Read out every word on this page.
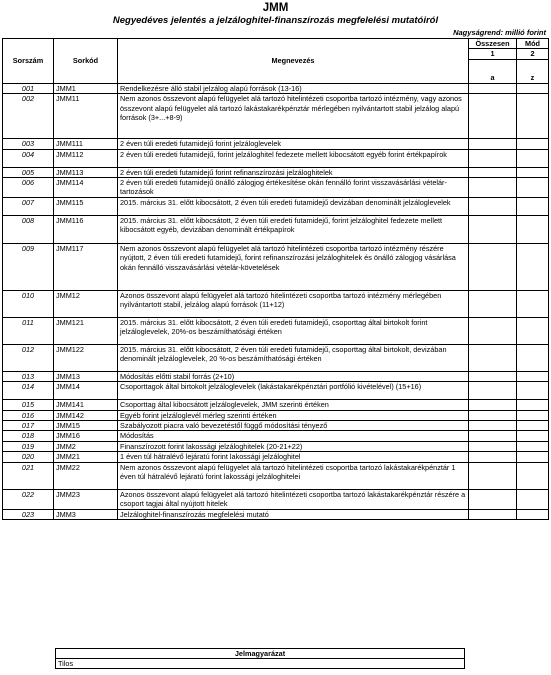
JMM
Negyedéves jelentés a jelzáloghitel-finanszírozás megfelelési mutatóiról
Nagyságrend: millió forint
Sorszám	Sorkód	Megnevezés	Összesen	Mód
			1	2
			a	z
001	JMM1	Rendelkezésre álló stabil jelzálog alapú források (13-16)		
002	JMM11	Nem azonos összevont alapú felügyelet alá tartozó hitelintézeti csoportba tartozó intézmény, vagy azonos összevont alapú felügyelet alá tartozó lakástakarékpénztár mérlegében nyilvántartott stabil jelzálog alapú források (3+...+8-9)		
003	JMM111	2 éven túli eredeti futamidejű forint jelzáloglevelek		
004	JMM112	2 éven túli eredeti futamidejű, forint jelzáloghitel fedezete mellett kibocsátott egyéb forint értékpapírok		
005	JMM113	2 éven túli eredeti futamidejű forint refinanszírozási jelzáloghitelek		
006	JMM114	2 éven túli eredeti futamidejű önálló zálogjog értékesítése okán fennálló forint visszavásárlási vételár-tartozások		
007	JMM115	2015. március 31. előtt kibocsátott, 2 éven túli eredeti futamidejű devizában denominált jelzáloglevelek		
008	JMM116	2015. március 31. előtt kibocsátott, 2 éven túli eredeti futamidejű, forint jelzáloghitel fedezete mellett kibocsátott egyéb, devizában denominált értékpapírok		
009	JMM117	Nem azonos összevont alapú felügyelet alá tartozó hitelintézeti csoportba tartozó intézmény részére nyújtott, 2 éven túli eredeti futamidejű, forint refinanszírozási jelzáloghitelek és önálló zálogjog vásárlása okán fennálló visszavásárlási vételár-követelések		
010	JMM12	Azonos összevont alapú felügyelet alá tartozó hitelintézeti csoportba tartozó intézmény mérlegében nyilvántartott stabil, jelzálog alapú források (11+12)		
011	JMM121	2015. március 31. előtt kibocsátott, 2 éven túli eredeti futamidejű, csoporttag által birtokolt forint jelzáloglevelek, 20%-os beszámíthatósági értéken		
012	JMM122	2015. március 31. előtt kibocsátott, 2 éven túli eredeti futamidejű, csoporttag által birtokolt, devizában denominált jelzáloglevelek, 20 %-os beszámíthatósági értéken		
013	JMM13	Módosítás előtti stabil forrás (2+10)		
014	JMM14	Csoporttagok által birtokolt jelzáloglevelek (lakástakarékpénztári portfólió kivételével) (15+16)		
015	JMM141	Csoporttag által kibocsátott jelzáloglevelek, JMM szerinti értéken		
016	JMM142	Egyéb forint jelzáloglevél mérleg szerinti értéken		
017	JMM15	Szabályozott piacra való bevezetéstől függő módosítási tényező		
018	JMM16	Módosítás		
019	JMM2	Finanszírozott forint lakossági jelzáloghitelek (20-21+22)		
020	JMM21	1 éven túl hátralévő lejáratú forint lakossági jelzáloghitel		
021	JMM22	Nem azonos összevont alapú felügyelet alá tartozó hitelintézeti csoportba tartozó lakástakarékpénztár 1 éven túl hátralévő lejáratú forint lakossági jelzáloghitelei		
022	JMM23	Azonos összevont alapú felügyelet alá tartozó hitelintézeti csoportba tartozó lakástakarékpénztár részére a csoport tagjai által nyújtott hitelek		
023	JMM3	Jelzáloghitel-finanszírozás megfelelési mutató		
Jelmagyarázat
Tilos
